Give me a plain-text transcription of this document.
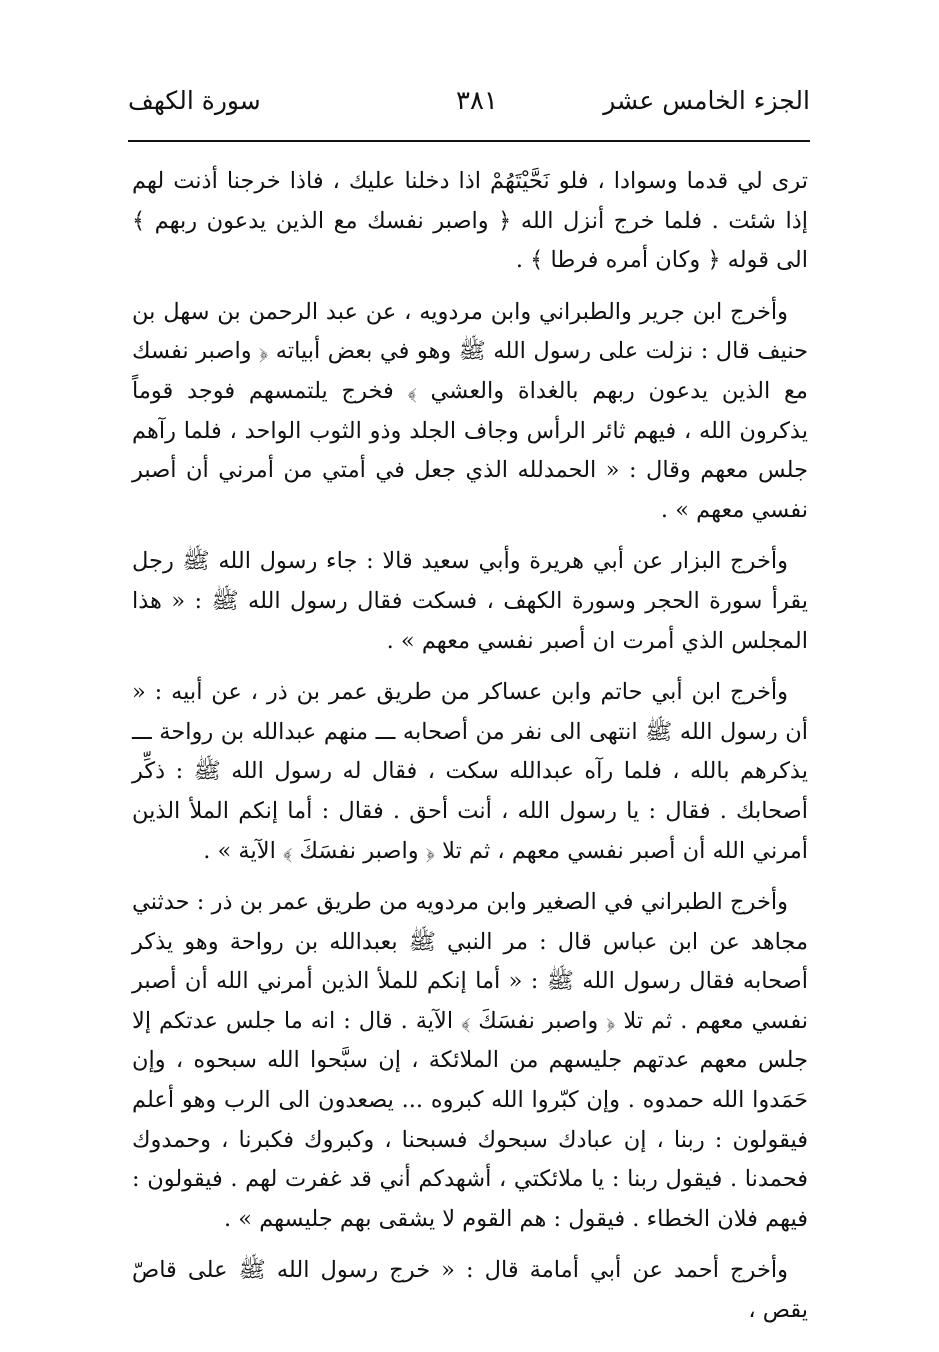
الجزء الخامس عشر
٣٨١
سورة الكهف

ترى لي قدما وسوادا ، فلو نَحَّيْتَهُمْ اذا دخلنا عليك ، فاذا خرجنا أذنت لهم إذا شئت . فلما خرج أنزل الله ﴿ واصبر نفسك مع الذين يدعون ربهم ﴾ الى قوله ﴿ وكان أمره فرطا ﴾ .

وأخرج ابن جرير والطبراني وابن مردويه ، عن عبد الرحمن بن سهل بن حنيف قال : نزلت على رسول الله ﷺ وهو في بعض أبياته ﴿ واصبر نفسك مع الذين يدعون ربهم بالغداة والعشي ﴾ فخرج يلتمسهم فوجد قوماً يذكرون الله ، فيهم ثائر الرأس وجاف الجلد وذو الثوب الواحد ، فلما رآهم جلس معهم وقال : « الحمدلله الذي جعل في أمتي من أمرني أن أصبر نفسي معهم » .

وأخرج البزار عن أبي هريرة وأبي سعيد قالا : جاء رسول الله ﷺ رجل يقرأ سورة الحجر وسورة الكهف ، فسكت فقال رسول الله ﷺ : « هذا المجلس الذي أمرت ان أصبر نفسي معهم » .

وأخرج ابن أبي حاتم وابن عساكر من طريق عمر بن ذر ، عن أبيه : « أن رسول الله ﷺ انتهى الى نفر من أصحابه ـــ منهم عبدالله بن رواحة ـــ يذكرهم بالله ، فلما رآه عبدالله سكت ، فقال له رسول الله ﷺ : ذكِّر أصحابك . فقال : يا رسول الله ، أنت أحق . فقال : أما إنكم الملأ الذين أمرني الله أن أصبر نفسي معهم ، ثم تلا ﴿ واصبر نفسَكَ ﴾ الآية » .

وأخرج الطبراني في الصغير وابن مردويه من طريق عمر بن ذر : حدثني مجاهد عن ابن عباس قال : مر النبي ﷺ بعبدالله بن رواحة وهو يذكر أصحابه فقال رسول الله ﷺ : « أما إنكم للملأ الذين أمرني الله أن أصبر نفسي معهم . ثم تلا ﴿ واصبر نفسَكَ ﴾ الآية . قال : انه ما جلس عدتكم إلا جلس معهم عدتهم جليسهم من الملائكة ، إن سبَّحوا الله سبحوه ، وإن حَمَدوا الله حمدوه . وإن كبّروا الله كبروه ... يصعدون الى الرب وهو أعلم فيقولون : ربنا ، إن عبادك سبحوك فسبحنا ، وكبروك فكبرنا ، وحمدوك فحمدنا . فيقول ربنا : يا ملائكتي ، أشهدكم أني قد غفرت لهم . فيقولون : فيهم فلان الخطاء . فيقول : هم القوم لا يشقى بهم جليسهم » .

وأخرج أحمد عن أبي أمامة قال : « خرج رسول الله ﷺ على قاصّ يقص ،
